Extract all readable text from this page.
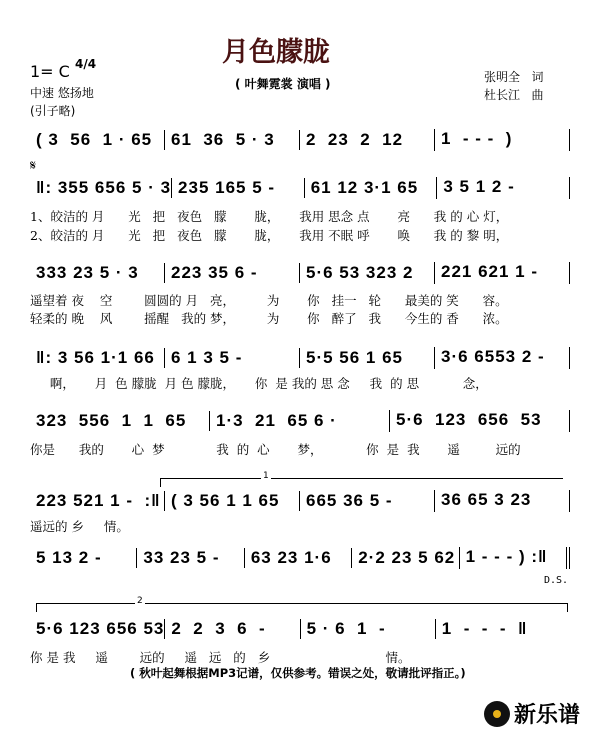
月色朦胧
( 叶舞霓裳 演唱 )	张明全   词
杜长江   曲
1= C 4/4
中速 悠扬地
(引子略)
( 3  56  1 · 65	61  36  5 · 3	2  23  2  12	1  - - -  )
𝄋
‖: 355 656 5 · 3 235 165 5 -	61 12 3·1 65	3 5 1 2 -
1、皎洁的 月      光   把   夜色   朦       胧，     我用 思念 点       亮      我 的 心 灯，
2、皎洁的 月      光   把   夜色   朦       胧，     我用 不眠 呼       唤      我 的 黎 明，
333 23 5 · 3	223 35 6 -	5·6 53 323 2	221 621 1 -
遥望着 夜    空        圆圆的 月   亮，        为       你   挂一   轮      最美的 笑      容。
轻柔的 晚    风        摇醒   我的 梦，        为       你   醉了   我      今生的 香      浓。
‖: 3 56 1·1 66 6 1 3 5 -	5·5 56 1 65	3·6 6553 2 -
啊，     月  色 朦胧  月 色 朦胧，     你  是 我的 思 念     我  的 思           念，
323  556  1  1  65	1·3  21  65 6 ·	5·6  123  656  53
你是      我的       心  梦             我  的  心       梦，           你  是  我       遥         远的
1
223 521 1 -  :‖ ( 3 56 1 1 65	665 36 5 -	36 65 3 23
遥远的 乡     情。
5 13 2 -	33 23 5 -	63 23 1·6	2·2 23 5 62 1 - - - ) :‖
D.S.
2
5·6 123 656 53 2  2  3  6  -	5 · 6  1  -	1  -  -  -  ‖
你 是 我     遥        远的     遥   远   的   乡                             情。
( 秋叶起舞根据MP3记谱，仅供参考。错误之处，敬请批评指正。)
新乐谱
